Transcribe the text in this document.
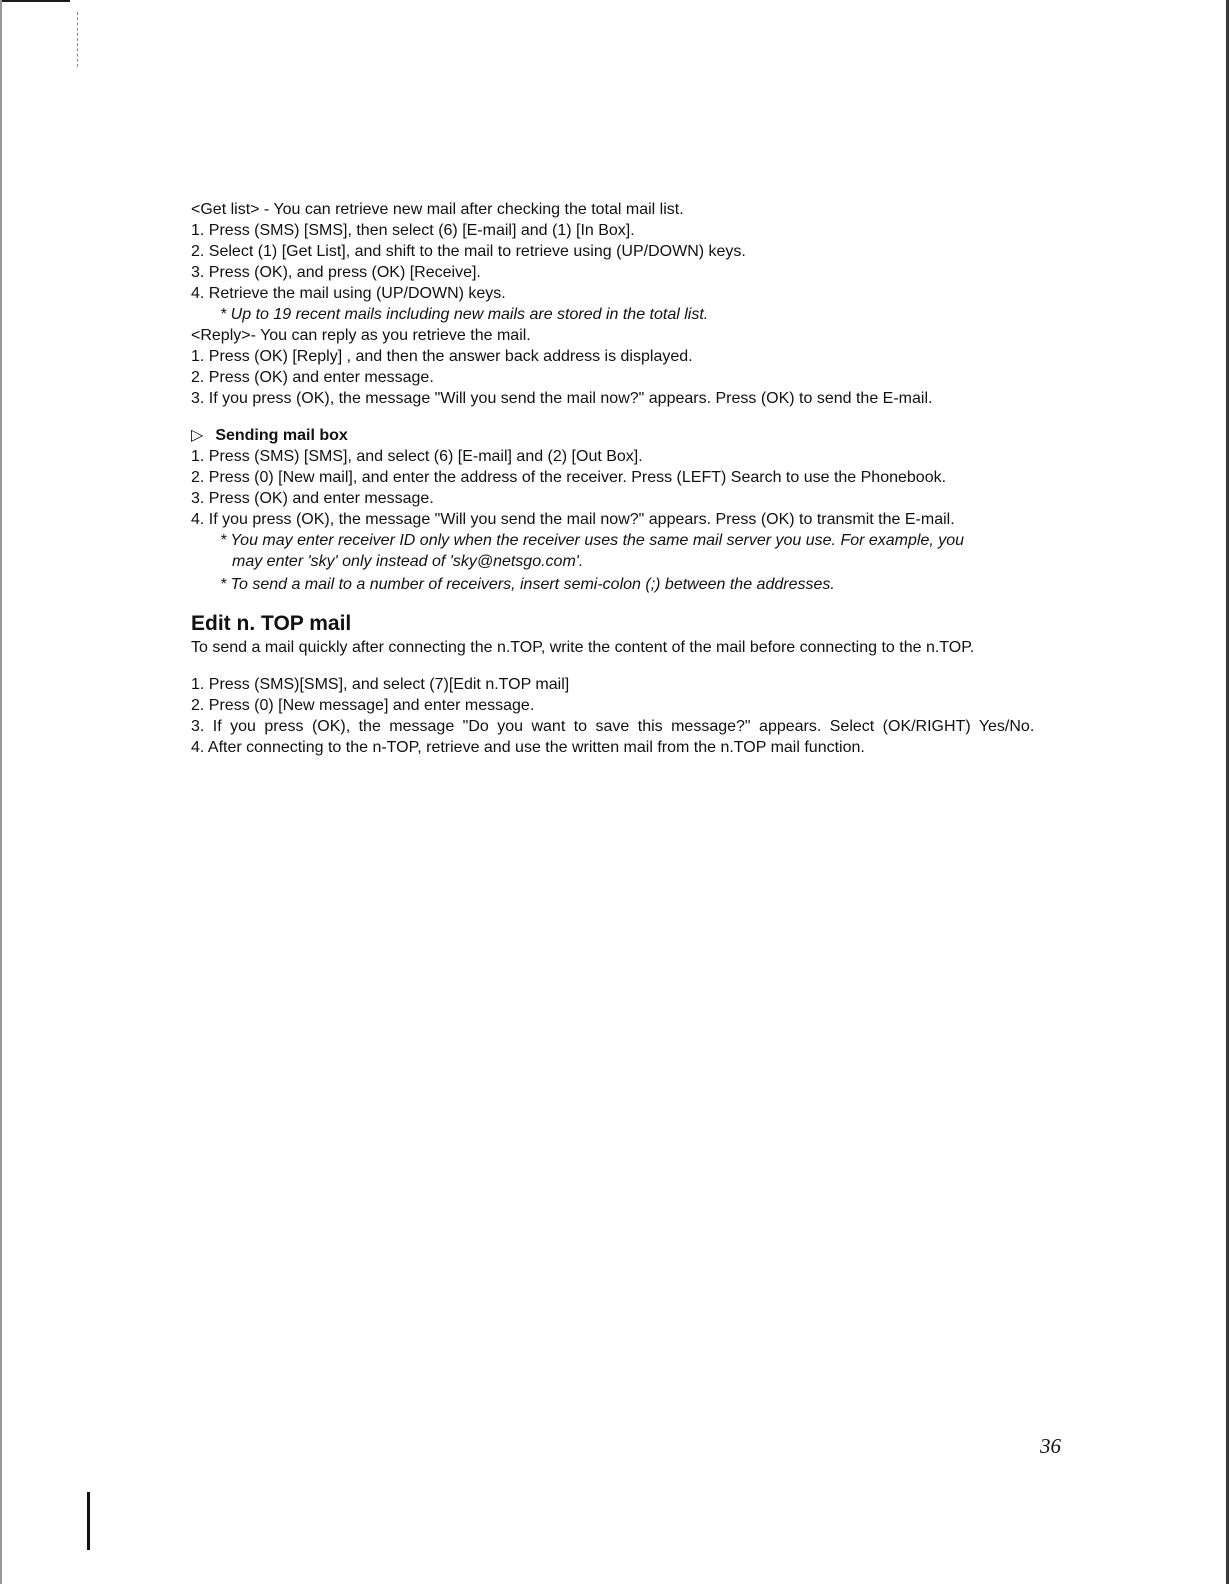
<Get list> - You can retrieve new mail after checking the total mail list.

1. Press (SMS) [SMS], then select (6) [E-mail] and (1) [In Box].

2. Select (1) [Get List], and shift to the mail to retrieve using (UP/DOWN) keys.

3. Press (OK), and press (OK) [Receive].

4. Retrieve the mail using (UP/DOWN) keys.

* Up to 19 recent mails including new mails are stored in the total list.

<Reply>- You can reply as you retrieve the mail.

1. Press (OK) [Reply] , and then the answer back address is displayed.

2. Press (OK) and enter message.

3. If you press (OK), the message "Will you send the mail now?" appears. Press (OK) to send the E-mail.

▷ Sending mail box

1. Press (SMS) [SMS], and select (6) [E-mail] and (2) [Out Box].

2. Press (0) [New mail], and enter the address of the receiver. Press (LEFT) Search to use the Phonebook.

3. Press (OK) and enter message.

4. If you press (OK), the message "Will you send the mail now?" appears. Press (OK) to transmit the E-mail.

* You may enter receiver ID only when the receiver uses the same mail server you use. For example, you

may enter 'sky' only instead of 'sky@netsgo.com'.

* To send a mail to a number of receivers, insert semi-colon (;) between the addresses.

Edit n. TOP mail

To send a mail quickly after connecting the n.TOP, write the content of the mail before connecting to the n.TOP.

1. Press (SMS)[SMS], and select (7)[Edit n.TOP mail]

2. Press (0) [New message] and enter message.

3. If you press (OK), the message "Do you want to save this message?" appears. Select (OK/RIGHT) Yes/No.

4. After connecting to the n-TOP, retrieve and use the written mail from the n.TOP mail function.

36
